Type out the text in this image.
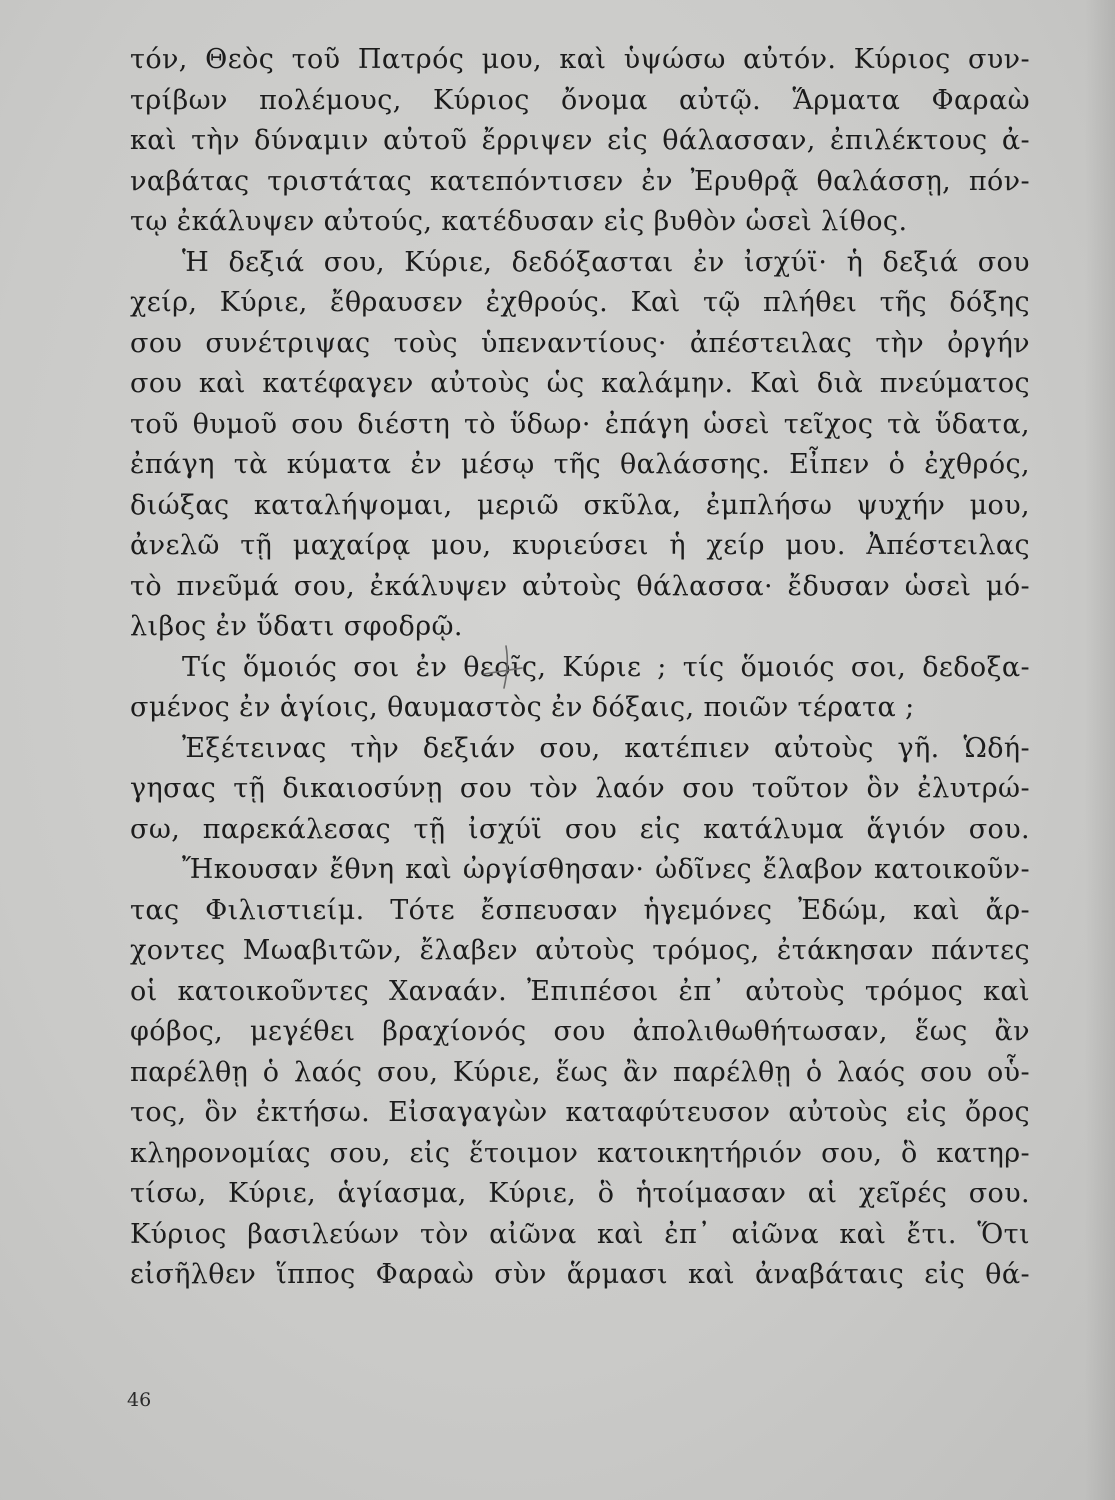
τόν, Θεὸς τοῦ Πατρός μου, καὶ ὑψώσω αὐτόν. Κύριος συν-
τρίβων πολέμους, Κύριος ὄνομα αὐτῷ. Ἅρματα Φαραὼ
καὶ τὴν δύναμιν αὐτοῦ ἔρριψεν εἰς θάλασσαν, ἐπιλέκτους ἀ-
ναβάτας τριστάτας κατεπόντισεν ἐν Ἐρυθρᾷ θαλάσσῃ, πόν-
τῳ ἐκάλυψεν αὐτούς, κατέδυσαν εἰς βυθὸν ὡσεὶ λίθος.
Ἡ δεξιά σου, Κύριε, δεδόξασται ἐν ἰσχύϊ· ἡ δεξιά σου
χείρ, Κύριε, ἔθραυσεν ἐχθρούς. Καὶ τῷ πλήθει τῆς δόξης
σου συνέτριψας τοὺς ὑπεναντίους· ἀπέστειλας τὴν ὀργήν
σου καὶ κατέφαγεν αὐτοὺς ὡς καλάμην. Καὶ διὰ πνεύματος
τοῦ θυμοῦ σου διέστη τὸ ὕδωρ· ἐπάγη ὡσεὶ τεῖχος τὰ ὕδατα,
ἐπάγη τὰ κύματα ἐν μέσῳ τῆς θαλάσσης. Εἶπεν ὁ ἐχθρός,
διώξας καταλήψομαι, μεριῶ σκῦλα, ἐμπλήσω ψυχήν μου,
ἀνελῶ τῇ μαχαίρᾳ μου, κυριεύσει ἡ χείρ μου. Ἀπέστειλας
τὸ πνεῦμά σου, ἐκάλυψεν αὐτοὺς θάλασσα· ἔδυσαν ὡσεὶ μό-
λιβος ἐν ὕδατι σφοδρῷ.
Τίς ὅμοιός σοι ἐν θεοῖς, Κύριε ; τίς ὅμοιός σοι, δεδοξα-
σμένος ἐν ἁγίοις, θαυμαστὸς ἐν δόξαις, ποιῶν τέρατα ;
Ἐξέτεινας τὴν δεξιάν σου, κατέπιεν αὐτοὺς γῆ. Ὡδή-
γησας τῇ δικαιοσύνῃ σου τὸν λαόν σου τοῦτον ὃν ἐλυτρώ-
σω, παρεκάλεσας τῇ ἰσχύϊ σου εἰς κατάλυμα ἅγιόν σου.
Ἤκουσαν ἔθνη καὶ ὠργίσθησαν· ὠδῖνες ἔλαβον κατοικοῦν-
τας Φιλιστιείμ. Τότε ἔσπευσαν ἡγεμόνες Ἐδώμ, καὶ ἄρ-
χοντες Μωαβιτῶν, ἔλαβεν αὐτοὺς τρόμος, ἐτάκησαν πάντες
οἱ κατοικοῦντες Χαναάν. Ἐπιπέσοι ἐπ᾿ αὐτοὺς τρόμος καὶ
φόβος, μεγέθει βραχίονός σου ἀπολιθωθήτωσαν, ἕως ἂν
παρέλθῃ ὁ λαός σου, Κύριε, ἕως ἂν παρέλθῃ ὁ λαός σου οὗ-
τος, ὃν ἐκτήσω. Εἰσαγαγὼν καταφύτευσον αὐτοὺς εἰς ὄρος
κληρονομίας σου, εἰς ἕτοιμον κατοικητήριόν σου, ὃ κατηρ-
τίσω, Κύριε, ἁγίασμα, Κύριε, ὃ ἡτοίμασαν αἱ χεῖρές σου.
Κύριος βασιλεύων τὸν αἰῶνα καὶ ἐπ᾿ αἰῶνα καὶ ἔτι. Ὅτι
εἰσῆλθεν ἵππος Φαραὼ σὺν ἅρμασι καὶ ἀναβάταις εἰς θά-
46
